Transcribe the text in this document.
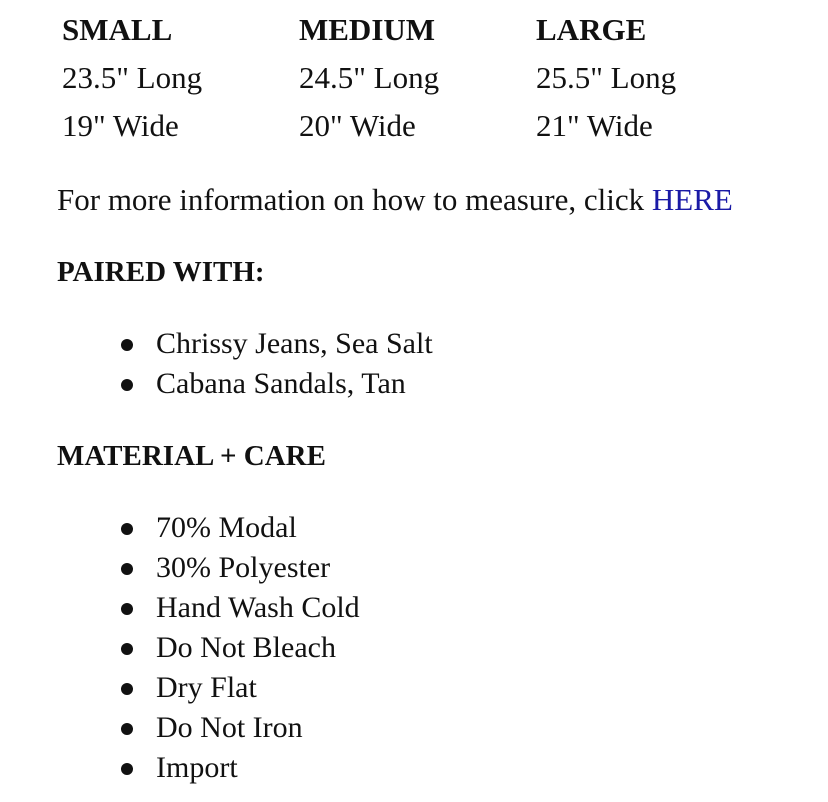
SMALL
23.5" Long
19" Wide
MEDIUM
24.5" Long
20" Wide
LARGE
25.5" Long
21" Wide
For more information on how to measure, click HERE
PAIRED WITH:
Chrissy Jeans, Sea Salt
Cabana Sandals, Tan
MATERIAL + CARE
70% Modal
30% Polyester
Hand Wash Cold
Do Not Bleach
Dry Flat
Do Not Iron
Import
